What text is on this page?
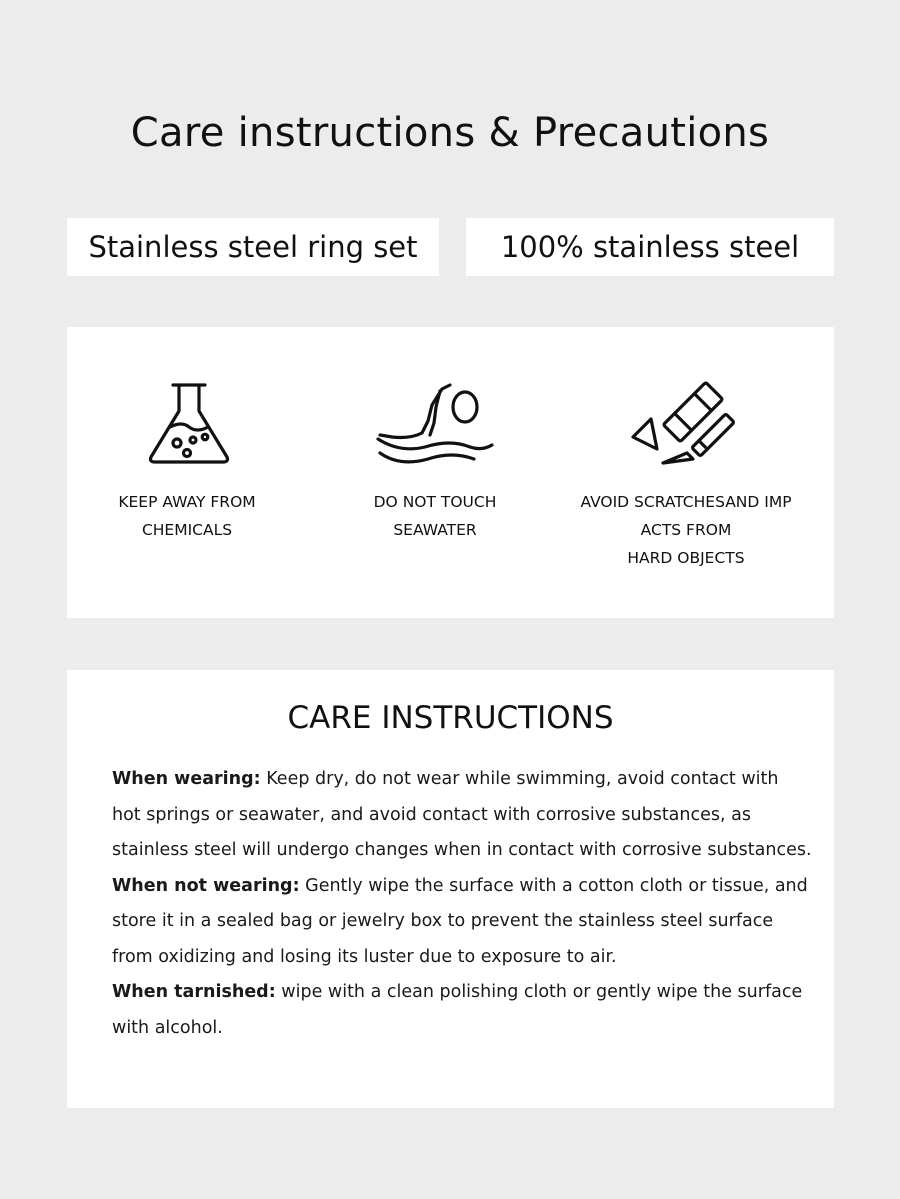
Care instructions & Precautions
Stainless steel ring set	100% stainless steel
KEEP AWAY FROM
CHEMICALS
DO NOT TOUCH
SEAWATER
AVOID SCRATCHESAND IMP
ACTS FROM
HARD OBJECTS
CARE INSTRUCTIONS

When wearing: Keep dry, do not wear while swimming, avoid contact with hot springs or seawater, and avoid contact with corrosive substances, as stainless steel will undergo changes when in contact with corrosive substances.

When not wearing: Gently wipe the surface with a cotton cloth or tissue, and store it in a sealed bag or jewelry box to prevent the stainless steel surface from oxidizing and losing its luster due to exposure to air.

When tarnished: wipe with a clean polishing cloth or gently wipe the surface with alcohol.
